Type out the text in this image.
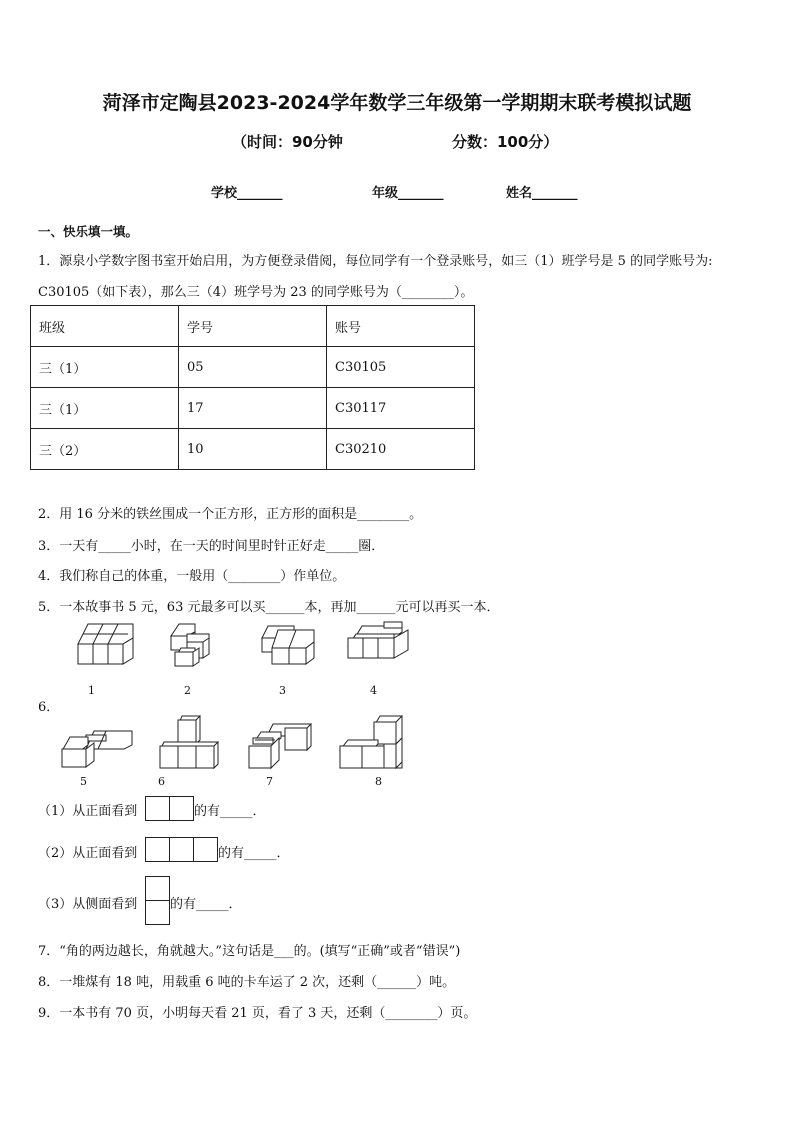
菏泽市定陶县2023-2024学年数学三年级第一学期期末联考模拟试题
（时间：90分钟	分数：100分）
学校_______	年级_______	姓名_______
一、快乐填一填。
1．源泉小学数字图书室开始启用，为方便登录借阅，每位同学有一个登录账号，如三（1）班学号是 5 的同学账号为:
C30105（如下表），那么三（4）班学号为 23 的同学账号为（________）。
班级	学号	账号
三（1）	05	C30105
三（1）	17	C30117
三（2）	10	C30210
2．用 16 分米的铁丝围成一个正方形，正方形的面积是________。
3．一天有_____小时，在一天的时间里时针正好走_____圈．
4．我们称自己的体重，一般用（________）作单位。
5．一本故事书 5 元，63 元最多可以买______本，再加______元可以再买一本．
6．
1	2	3	4
5	6	7	8
（1）从正面看到	的有_____．
（2）从正面看到	的有_____．
（3）从侧面看到	的有_____．
7．“角的两边越长，角就越大。”这句话是___的。(填写“正确”或者“错误”)
8．一堆煤有 18 吨，用载重 6 吨的卡车运了 2 次，还剩（______）吨。
9．一本书有 70 页，小明每天看 21 页，看了 3 天，还剩（________）页。
